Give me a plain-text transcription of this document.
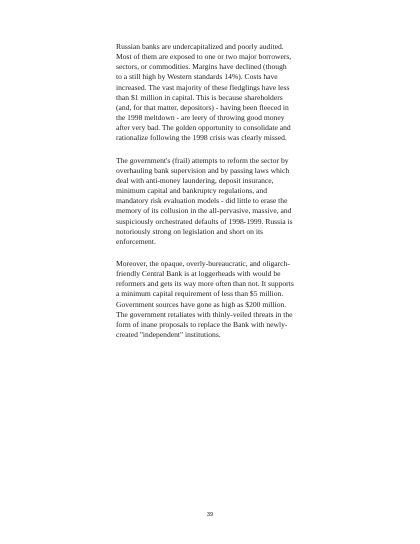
Russian banks are undercapitalized and poorly audited.
Most of them are exposed to one or two major borrowers,
sectors, or commodities. Margins have declined (though
to a still high by Western standards 14%). Costs have
increased. The vast majority of these fledglings have less
than $1 million in capital. This is because shareholders
(and, for that matter, depositors) - having been fleeced in
the 1998 meltdown - are leery of throwing good money
after very bad. The golden opportunity to consolidate and
rationalize following the 1998 crisis was clearly missed.

The government's (frail) attempts to reform the sector by
overhauling bank supervision and by passing laws which
deal with anti-money laundering, deposit insurance,
minimum capital and bankruptcy regulations, and
mandatory risk evaluation models - did little to erase the
memory of its collusion in the all-pervasive, massive, and
suspiciously orchestrated defaults of 1998-1999. Russia is
notoriously strong on legislation and short on its
enforcement.

Moreover, the opaque, overly-bureaucratic, and oligarch-
friendly Central Bank is at loggerheads with would be
reformers and gets its way more often than not. It supports
a minimum capital requirement of less than $5 million.
Government sources have gone as high as $200 million.
The government retaliates with thinly-veiled threats in the
form of inane proposals to replace the Bank with newly-
created "independent" institutions.

39
